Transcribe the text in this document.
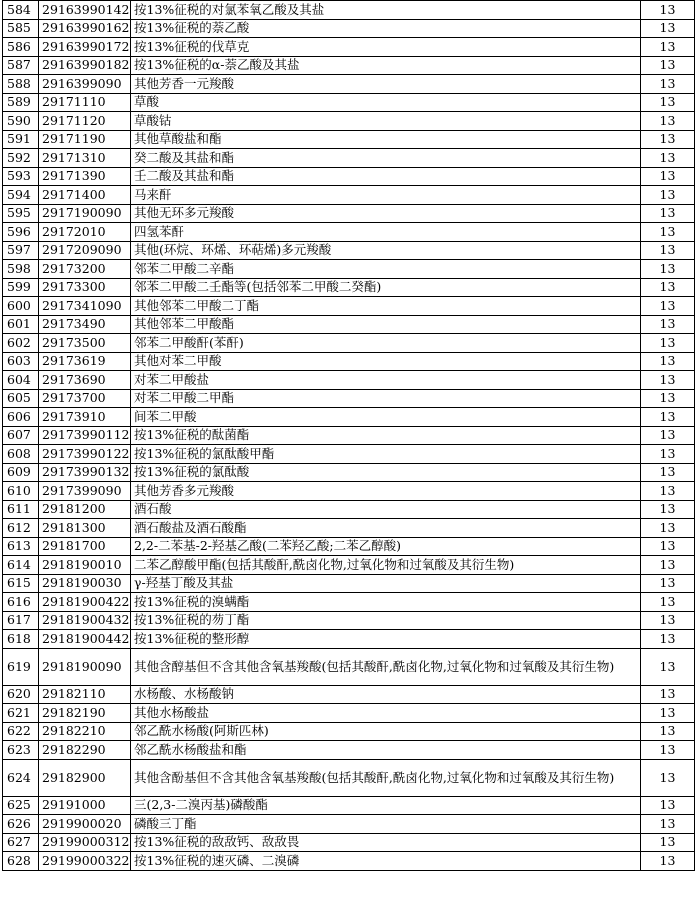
584	29163990142	按13%征税的对氯苯氧乙酸及其盐	13
585	29163990162	按13%征税的萘乙酸	13
586	29163990172	按13%征税的伐草克	13
587	29163990182	按13%征税的α-萘乙酸及其盐	13
588	2916399090	其他芳香一元羧酸	13
589	29171110	草酸	13
590	29171120	草酸钴	13
591	29171190	其他草酸盐和酯	13
592	29171310	癸二酸及其盐和酯	13
593	29171390	壬二酸及其盐和酯	13
594	29171400	马来酐	13
595	2917190090	其他无环多元羧酸	13
596	29172010	四氢苯酐	13
597	2917209090	其他(环烷、环烯、环萜烯)多元羧酸	13
598	29173200	邻苯二甲酸二辛酯	13
599	29173300	邻苯二甲酸二壬酯等(包括邻苯二甲酸二癸酯)	13
600	2917341090	其他邻苯二甲酸二丁酯	13
601	29173490	其他邻苯二甲酸酯	13
602	29173500	邻苯二甲酸酐(苯酐)	13
603	29173619	其他对苯二甲酸	13
604	29173690	对苯二甲酸盐	13
605	29173700	对苯二甲酸二甲酯	13
606	29173910	间苯二甲酸	13
607	29173990112	按13%征税的酞菌酯	13
608	29173990122	按13%征税的氯酞酸甲酯	13
609	29173990132	按13%征税的氯酞酸	13
610	2917399090	其他芳香多元羧酸	13
611	29181200	酒石酸	13
612	29181300	酒石酸盐及酒石酸酯	13
613	29181700	2,2-二苯基-2-羟基乙酸(二苯羟乙酸;二苯乙醇酸)	13
614	2918190010	二苯乙醇酸甲酯(包括其酸酐,酰卤化物,过氧化物和过氧酸及其衍生物)	13
615	2918190030	γ-羟基丁酸及其盐	13
616	29181900422	按13%征税的溴螨酯	13
617	29181900432	按13%征税的芴丁酯	13
618	29181900442	按13%征税的整形醇	13
619	2918190090	其他含醇基但不含其他含氧基羧酸(包括其酸酐,酰卤化物,过氧化物和过氧酸及其衍生物)	13
620	29182110	水杨酸、水杨酸钠	13
621	29182190	其他水杨酸盐	13
622	29182210	邻乙酰水杨酸(阿斯匹林)	13
623	29182290	邻乙酰水杨酸盐和酯	13
624	29182900	其他含酚基但不含其他含氧基羧酸(包括其酸酐,酰卤化物,过氧化物和过氧酸及其衍生物)	13
625	29191000	三(2,3-二溴丙基)磷酸酯	13
626	2919900020	磷酸三丁酯	13
627	29199000312	按13%征税的敌敌钙、敌敌畏	13
628	29199000322	按13%征税的速灭磷、二溴磷	13
